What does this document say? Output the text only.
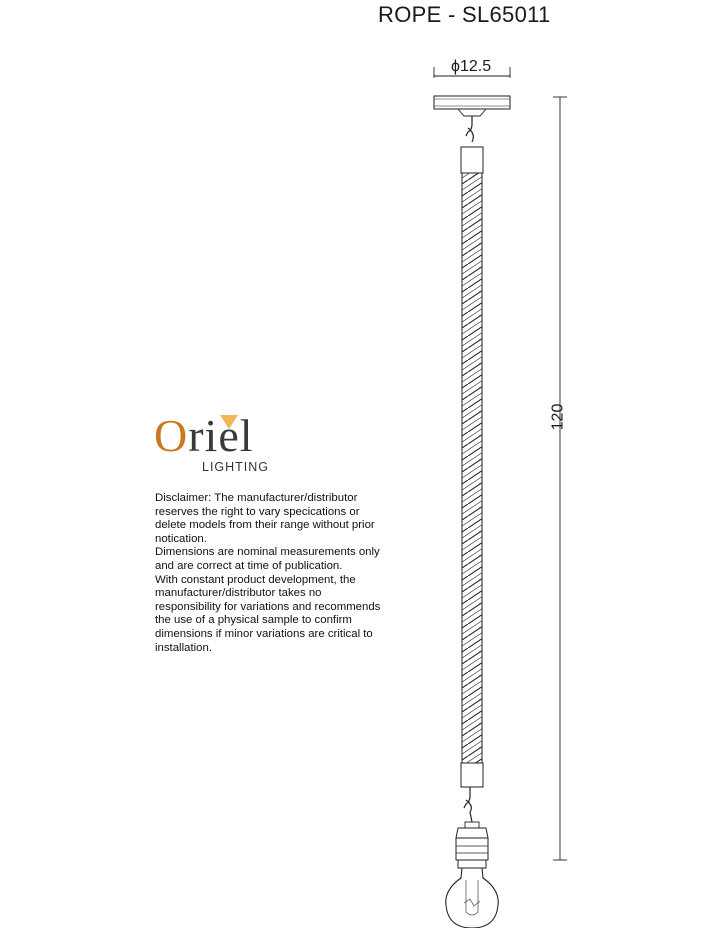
ROPE - SL65011
ϕ12.5
120
Oriel
LIGHTING

Disclaimer: The manufacturer/distributor reserves the right to vary specications or delete models from their range without prior notication.

Dimensions are nominal measurements only and are correct at time of publication.

With constant product development, the manufacturer/distributor takes no responsibility for variations and recommends the use of a physical sample to confirm dimensions if minor variations are critical to installation.
